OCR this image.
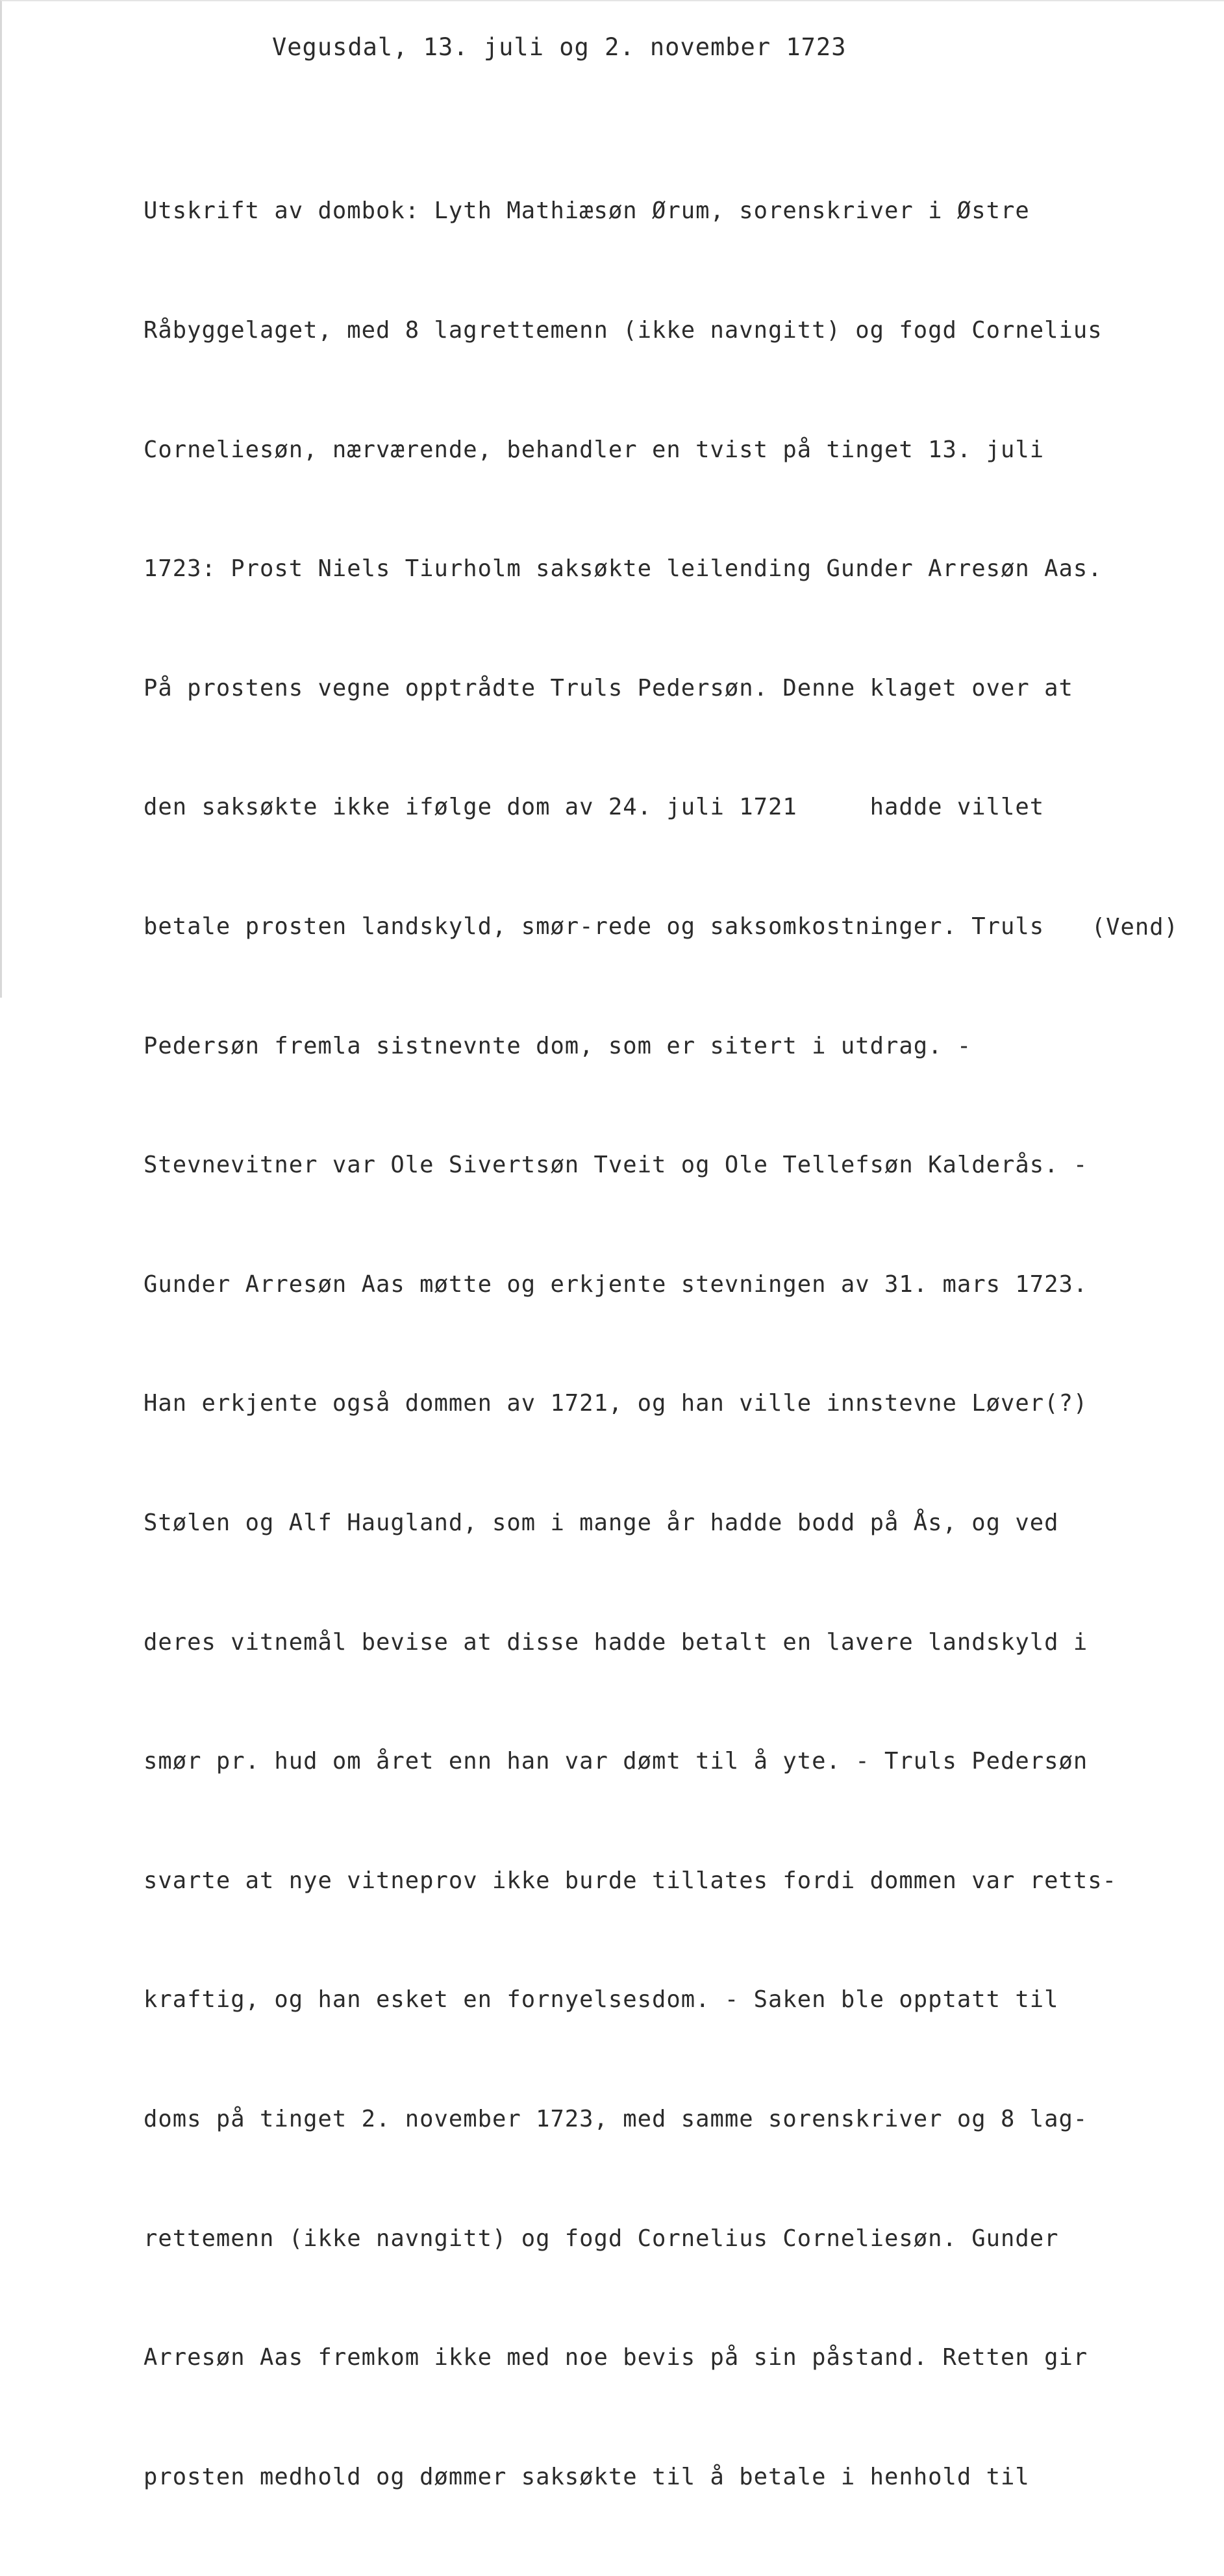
Vegusdal, 13. juli og 2. november 1723

Utskrift av dombok: Lyth Mathiæsøn Ørum, sorenskriver i Østre

Råbyggelaget, med 8 lagrettemenn (ikke navngitt) og fogd Cornelius

Corneliesøn, nærværende, behandler en tvist på tinget 13. juli

1723: Prost Niels Tiurholm saksøkte leilending Gunder Arresøn Aas.

På prostens vegne opptrådte Truls Pedersøn. Denne klaget over at

den saksøkte ikke ifølge dom av 24. juli 1721     hadde villet

betale prosten landskyld, smør-rede og saksomkostninger. Truls

Pedersøn fremla sistnevnte dom, som er sitert i utdrag. -

Stevnevitner var Ole Sivertsøn Tveit og Ole Tellefsøn Kalderås. -

Gunder Arresøn Aas møtte og erkjente stevningen av 31. mars 1723.

Han erkjente også dommen av 1721, og han ville innstevne Løver(?)

Stølen og Alf Haugland, som i mange år hadde bodd på Ås, og ved

deres vitnemål bevise at disse hadde betalt en lavere landskyld i

smør pr. hud om året enn han var dømt til å yte. - Truls Pedersøn

svarte at nye vitneprov ikke burde tillates fordi dommen var retts-

kraftig, og han esket en fornyelsesdom. - Saken ble opptatt til

doms på tinget 2. november 1723, med samme sorenskriver og 8 lag-

rettemenn (ikke navngitt) og fogd Cornelius Corneliesøn. Gunder

Arresøn Aas fremkom ikke med noe bevis på sin påstand. Retten gir

prosten medhold og dømmer saksøkte til å betale i henhold til

(Vend)
